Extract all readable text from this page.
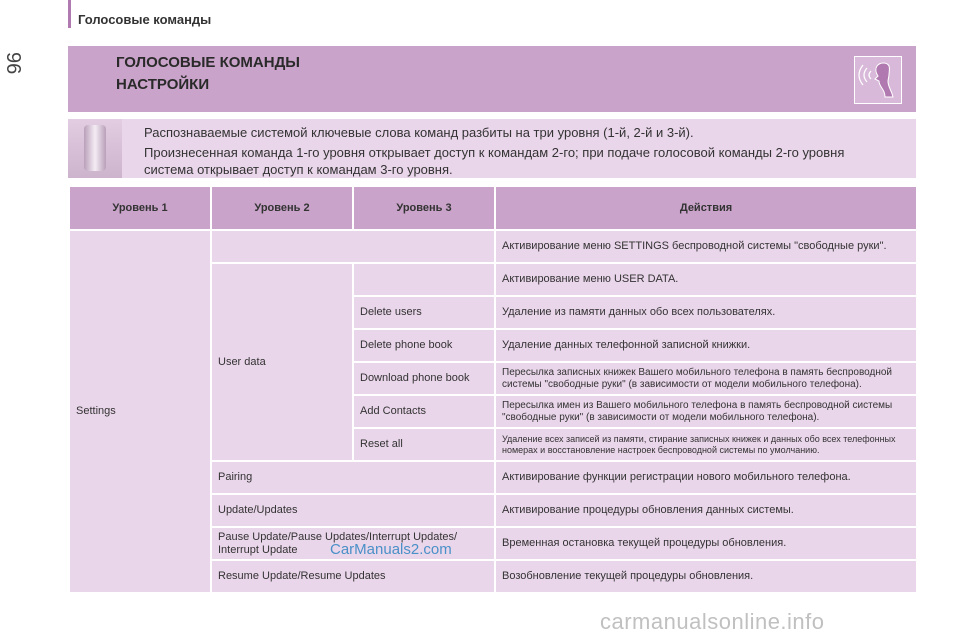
Голосовые команды
96	ГОЛОСОВЫЕ КОМАНДЫ
НАСТРОЙКИ
Распознаваемые системой ключевые слова команд разбиты на три уровня (1-й, 2-й и 3-й).
Произнесенная команда 1-го уровня открывает доступ к командам 2-го; при подаче голосовой команды 2-го уровня
система открывает доступ к командам 3-го уровня.
Уровень 1	Уровень 2	Уровень 3	Действия
Settings			Активирование меню SETTINGS беспроводной системы "свободные руки".
	User data		Активирование меню USER DATA.
		Delete users	Удаление из памяти данных обо всех пользователях.
		Delete phone book	Удаление данных телефонной записной книжки.
		Download phone book	Пересылка записных книжек Вашего мобильного телефона в память беспроводной системы "свободные руки" (в зависимости от модели мобильного телефона).
		Add Contacts	Пересылка имен из Вашего мобильного телефона в память беспроводной системы "свободные руки" (в зависимости от модели мобильного телефона).
		Reset all	Удаление всех записей из памяти, стирание записных книжек и данных обо всех телефонных номерах и восстановление настроек беспроводной системы по умолчанию.
	Pairing		Активирование функции регистрации нового мобильного телефона.
	Update/Updates		Активирование процедуры обновления данных системы.
	Pause Update/Pause Updates/Interrupt Updates/ Interrupt Update		Временная остановка текущей процедуры обновления.
	Resume Update/Resume Updates		Возобновление текущей процедуры обновления.
CarManuals2.com
carmanualsonline.info
